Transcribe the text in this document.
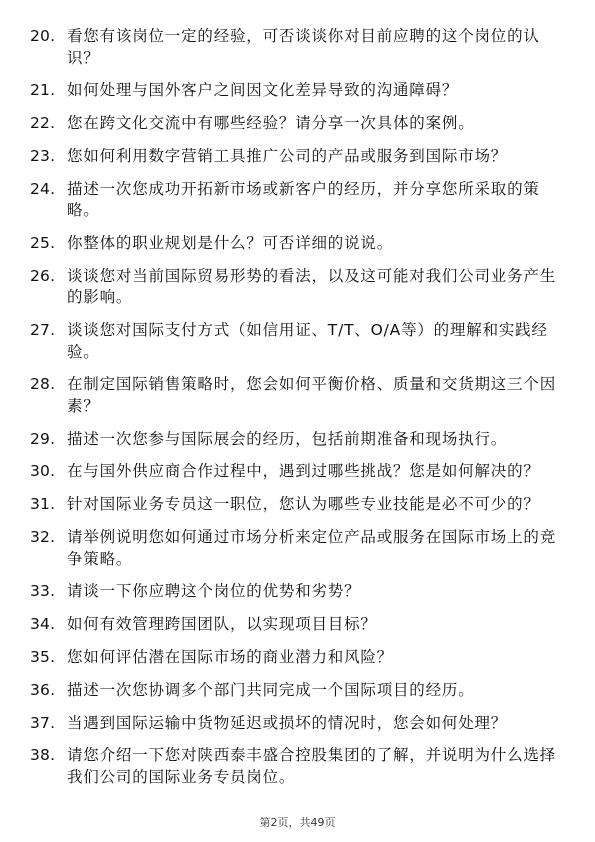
20. 看您有该岗位一定的经验，可否谈谈你对目前应聘的这个岗位的认识？
21. 如何处理与国外客户之间因文化差异导致的沟通障碍？
22. 您在跨文化交流中有哪些经验？请分享一次具体的案例。
23. 您如何利用数字营销工具推广公司的产品或服务到国际市场？
24. 描述一次您成功开拓新市场或新客户的经历，并分享您所采取的策略。
25. 你整体的职业规划是什么？可否详细的说说。
26. 谈谈您对当前国际贸易形势的看法，以及这可能对我们公司业务产生的影响。
27. 谈谈您对国际支付方式（如信用证、T/T、O/A等）的理解和实践经验。
28. 在制定国际销售策略时，您会如何平衡价格、质量和交货期这三个因素？
29. 描述一次您参与国际展会的经历，包括前期准备和现场执行。
30. 在与国外供应商合作过程中，遇到过哪些挑战？您是如何解决的？
31. 针对国际业务专员这一职位，您认为哪些专业技能是必不可少的？
32. 请举例说明您如何通过市场分析来定位产品或服务在国际市场上的竞争策略。
33. 请谈一下你应聘这个岗位的优势和劣势？
34. 如何有效管理跨国团队，以实现项目目标？
35. 您如何评估潜在国际市场的商业潜力和风险？
36. 描述一次您协调多个部门共同完成一个国际项目的经历。
37. 当遇到国际运输中货物延迟或损坏的情况时，您会如何处理？
38. 请您介绍一下您对陕西泰丰盛合控股集团的了解，并说明为什么选择我们公司的国际业务专员岗位。
第2页，共49页
